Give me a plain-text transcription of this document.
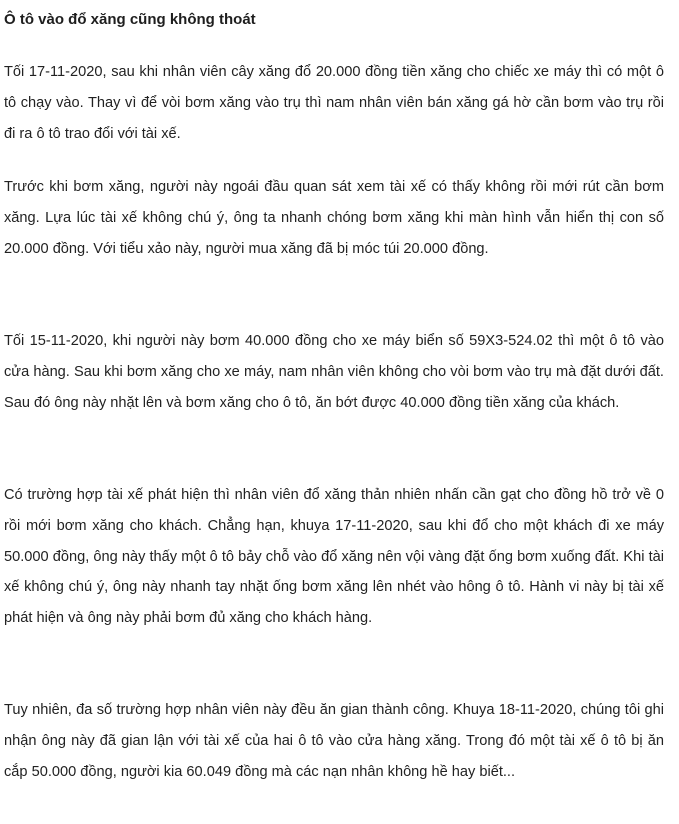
Ô tô vào đổ xăng cũng không thoát

Tối 17-11-2020, sau khi nhân viên cây xăng đổ 20.000 đồng tiền xăng cho chiếc xe máy thì có một ô tô chạy vào. Thay vì để vòi bơm xăng vào trụ thì nam nhân viên bán xăng gá hờ cần bơm vào trụ rồi đi ra ô tô trao đổi với tài xế.

Trước khi bơm xăng, người này ngoái đầu quan sát xem tài xế có thấy không rồi mới rút cần bơm xăng. Lựa lúc tài xế không chú ý, ông ta nhanh chóng bơm xăng khi màn hình vẫn hiển thị con số 20.000 đồng. Với tiểu xảo này, người mua xăng đã bị móc túi 20.000 đồng.

Tối 15-11-2020, khi người này bơm 40.000 đồng cho xe máy biển số 59X3-524.02 thì một ô tô vào cửa hàng. Sau khi bơm xăng cho xe máy, nam nhân viên không cho vòi bơm vào trụ mà đặt dưới đất. Sau đó ông này nhặt lên và bơm xăng cho ô tô, ăn bớt được 40.000 đồng tiền xăng của khách.

Có trường hợp tài xế phát hiện thì nhân viên đổ xăng thản nhiên nhấn cần gạt cho đồng hồ trở về 0 rồi mới bơm xăng cho khách. Chẳng hạn, khuya 17-11-2020, sau khi đổ cho một khách đi xe máy 50.000 đồng, ông này thấy một ô tô bảy chỗ vào đổ xăng nên vội vàng đặt ống bơm xuống đất. Khi tài xế không chú ý, ông này nhanh tay nhặt ống bơm xăng lên nhét vào hông ô tô. Hành vi này bị tài xế phát hiện và ông này phải bơm đủ xăng cho khách hàng.

Tuy nhiên, đa số trường hợp nhân viên này đều ăn gian thành công. Khuya 18-11-2020, chúng tôi ghi nhận ông này đã gian lận với tài xế của hai ô tô vào cửa hàng xăng. Trong đó một tài xế ô tô bị ăn cắp 50.000 đồng, người kia 60.049 đồng mà các nạn nhân không hề hay biết...
